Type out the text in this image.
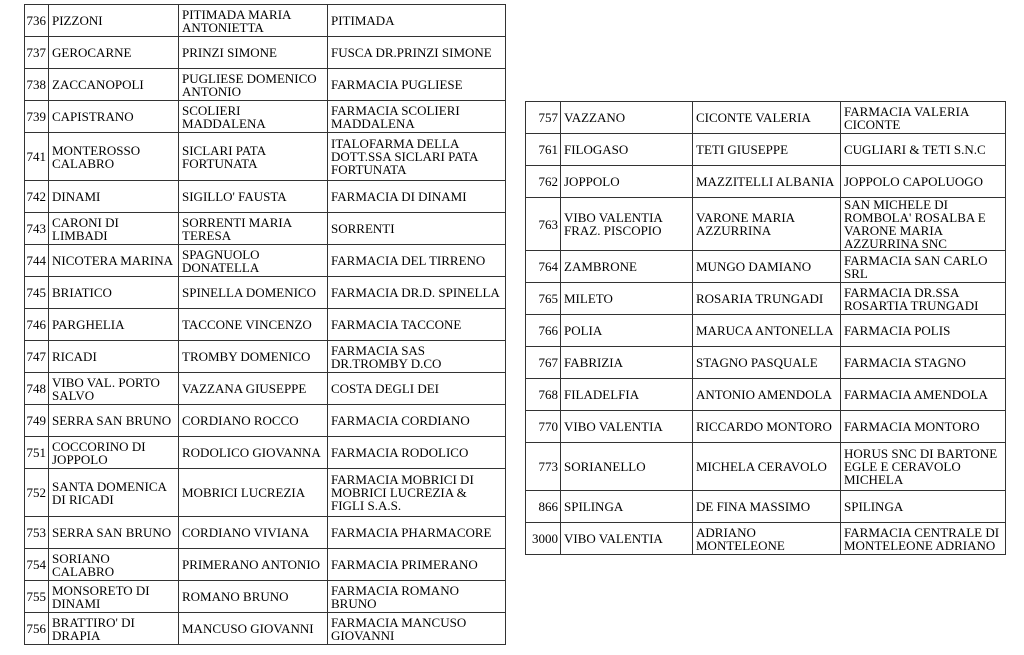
736	PIZZONI	PITIMADA MARIA ANTONIETTA	PITIMADA
737	GEROCARNE	PRINZI SIMONE	FUSCA DR.PRINZI SIMONE
738	ZACCANOPOLI	PUGLIESE DOMENICO ANTONIO	FARMACIA PUGLIESE
739	CAPISTRANO	SCOLIERI MADDALENA	FARMACIA SCOLIERI MADDALENA
741	MONTEROSSO CALABRO	SICLARI PATA FORTUNATA	ITALOFARMA DELLA DOTT.SSA SICLARI PATA FORTUNATA
742	DINAMI	SIGILLO' FAUSTA	FARMACIA DI DINAMI
743	CARONI DI LIMBADI	SORRENTI MARIA TERESA	SORRENTI
744	NICOTERA MARINA	SPAGNUOLO DONATELLA	FARMACIA DEL TIRRENO
745	BRIATICO	SPINELLA DOMENICO	FARMACIA DR.D. SPINELLA
746	PARGHELIA	TACCONE VINCENZO	FARMACIA TACCONE
747	RICADI	TROMBY DOMENICO	FARMACIA SAS DR.TROMBY D.CO
748	VIBO VAL. PORTO SALVO	VAZZANA GIUSEPPE	COSTA DEGLI DEI
749	SERRA SAN BRUNO	CORDIANO ROCCO	FARMACIA CORDIANO
751	COCCORINO DI JOPPOLO	RODOLICO GIOVANNA	FARMACIA RODOLICO
752	SANTA DOMENICA DI RICADI	MOBRICI LUCREZIA	FARMACIA MOBRICI DI MOBRICI LUCREZIA & FIGLI S.A.S.
753	SERRA SAN BRUNO	CORDIANO VIVIANA	FARMACIA PHARMACORE
754	SORIANO CALABRO	PRIMERANO ANTONIO	FARMACIA PRIMERANO
755	MONSORETO DI DINAMI	ROMANO BRUNO	FARMACIA ROMANO BRUNO
756	BRATTIRO' DI DRAPIA	MANCUSO GIOVANNI	FARMACIA MANCUSO GIOVANNI
757	VAZZANO	CICONTE VALERIA	FARMACIA VALERIA CICONTE
761	FILOGASO	TETI GIUSEPPE	CUGLIARI & TETI S.N.C
762	JOPPOLO	MAZZITELLI ALBANIA	JOPPOLO CAPOLUOGO
763	VIBO VALENTIA FRAZ. PISCOPIO	VARONE MARIA AZZURRINA	SAN MICHELE DI ROMBOLA' ROSALBA E VARONE MARIA AZZURRINA SNC
764	ZAMBRONE	MUNGO DAMIANO	FARMACIA SAN CARLO SRL
765	MILETO	ROSARIA TRUNGADI	FARMACIA DR.SSA ROSARTIA TRUNGADI
766	POLIA	MARUCA ANTONELLA	FARMACIA POLIS
767	FABRIZIA	STAGNO PASQUALE	FARMACIA STAGNO
768	FILADELFIA	ANTONIO AMENDOLA	FARMACIA AMENDOLA
770	VIBO VALENTIA	RICCARDO MONTORO	FARMACIA MONTORO
773	SORIANELLO	MICHELA CERAVOLO	HORUS SNC DI BARTONE EGLE E CERAVOLO MICHELA
866	SPILINGA	DE FINA MASSIMO	SPILINGA
3000	VIBO VALENTIA	ADRIANO MONTELEONE	FARMACIA CENTRALE DI MONTELEONE ADRIANO
